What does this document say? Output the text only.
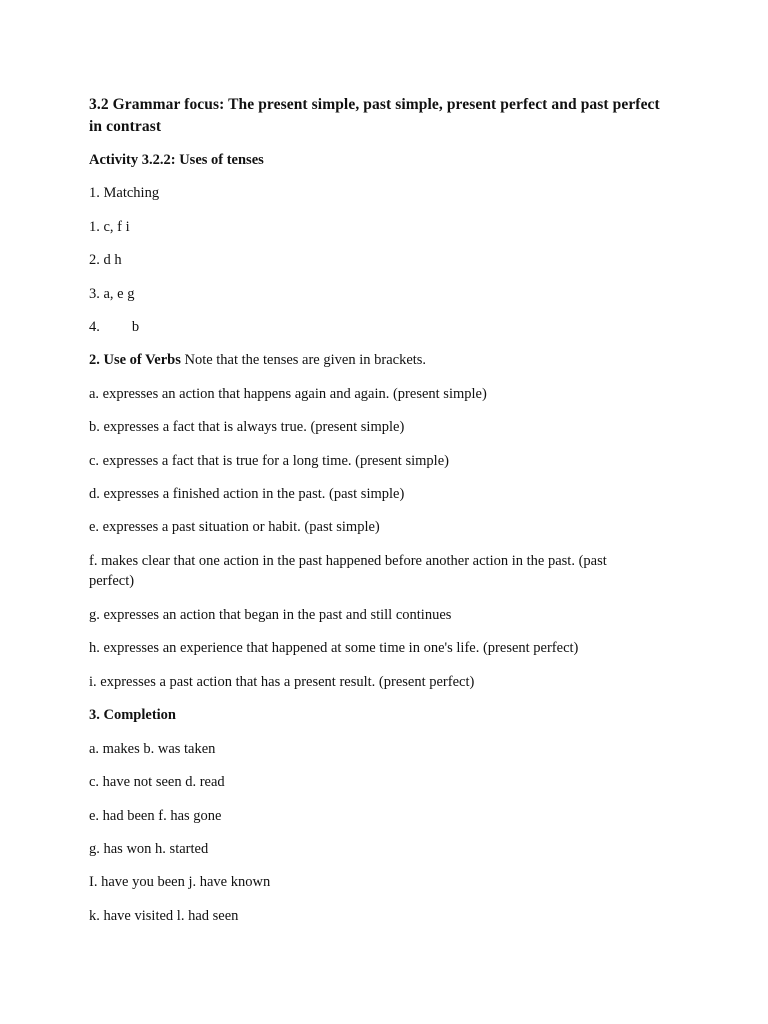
3.2 Grammar focus: The present simple, past simple, present perfect and past perfect in contrast
Activity 3.2.2: Uses of tenses
1. Matching
1. c, f i
2. d h
3. a, e g
4. b
2. Use of Verbs Note that the tenses are given in brackets.
a. expresses an action that happens again and again. (present simple)
b. expresses a fact that is always true. (present simple)
c. expresses a fact that is true for a long time. (present simple)
d. expresses a finished action in the past. (past simple)
e. expresses a past situation or habit. (past simple)
f. makes clear that one action in the past happened before another action in the past. (past perfect)
g. expresses an action that began in the past and still continues
h. expresses an experience that happened at some time in one's life. (present perfect)
i. expresses a past action that has a present result. (present perfect)
3. Completion
a. makes b. was taken
c. have not seen d. read
e. had been f. has gone
g. has won h. started
I. have you been j. have known
k. have visited l. had seen
